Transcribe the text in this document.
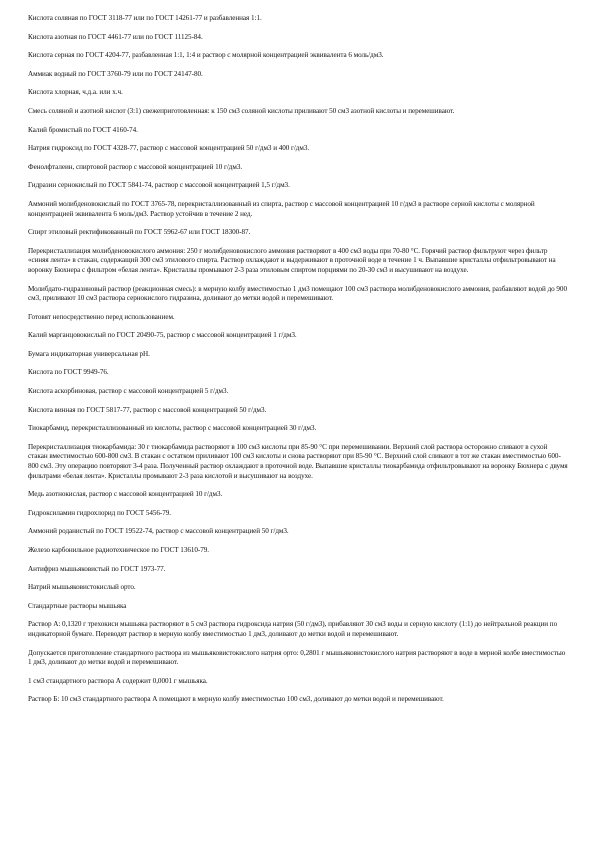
Кислота соляная по ГОСТ 3118-77 или по ГОСТ 14261-77 и разбавленная 1:1.

Кислота азотная по ГОСТ 4461-77 или по ГОСТ 11125-84.

Кислота серная по ГОСТ 4204-77, разбавленная 1:1, 1:4 и раствор с молярной концентрацией эквивалента 6 моль/дм3.

Аммиак водный по ГОСТ 3760-79 или по ГОСТ 24147-80.

Кислота хлорная, ч.д.а. или х.ч.

Смесь соляной и азотной кислот (3:1) свежеприготовленная: к 150 см3 соляной кислоты приливают 50 см3 азотной кислоты и перемешивают.

Калий бромистый по ГОСТ 4160-74.

Натрия гидроксид по ГОСТ 4328-77, раствор с массовой концентрацией 50 г/дм3 и 400 г/дм3.

Фенолфталеин, спиртовой раствор с массовой концентрацией 10 г/дм3.

Гидразин сернокислый по ГОСТ 5841-74, раствор с массовой концентрацией 1,5 г/дм3.

Аммоний молибденовокислый по ГОСТ 3765-78, перекристаллизованный из спирта, раствор с массовой концентрацией 10 г/дм3 в растворе серной кислоты с молярной концентрацией эквивалента 6 моль/дм3. Раствор устойчив в течение 2 нед.

Спирт этиловый ректификованный по ГОСТ 5962-67 или ГОСТ 18300-87.

Перекристаллизация молибденовокислого аммония: 250 г молибденовокислого аммония растворяют в 400 см3 воды при 70-80 °С. Горячий раствор фильтруют через фильтр «синяя лента» в стакан, содержащий 300 см3 этилового спирта. Раствор охлаждают и выдерживают в проточной воде в течение 1 ч. Выпавшие кристаллы отфильтровывают на воронку Бюхнера с фильтром «белая лента». Кристаллы промывают 2-3 раза этиловым спиртом порциями по 20-30 см3 и высушивают на воздухе.

Молибдато-гидразиновый раствор (реакционная смесь): в мерную колбу вместимостью 1 дм3 помещают 100 см3 раствора молибденовокислого аммония, разбавляют водой до 900 см3, приливают 10 см3 раствора сернокислого гидразина, доливают до метки водой и перемешивают.

Готовят непосредственно перед использованием.

Калий марганцовокислый по ГОСТ 20490-75, раствор с массовой концентрацией 1 г/дм3.

Бумага индикаторная универсальная рН.

Кислота по ГОСТ 9949-76.

Кислота аскорбиновая, раствор с массовой концентрацией 5 г/дм3.

Кислота винная по ГОСТ 5817-77, раствор с массовой концентрацией 50 г/дм3.

Тиокарбамид, перекристаллизованный из кислоты, раствор с массовой концентрацией 30 г/дм3.

Перекристаллизация тиокарбамида: 30 г тиокарбамида растворяют в 100 см3 кислоты при 85-90 °С при перемешивании. Верхний слой раствора осторожно сливают в сухой стакан вместимостью 600-800 см3. В стакан с остатком приливают 100 см3 кислоты и снова растворяют при 85-90 °С. Верхний слой сливают в тот же стакан вместимостью 600-800 см3. Эту операцию повторяют 3-4 раза. Полученный раствор охлаждают в проточной воде. Выпавшие кристаллы тиокарбамида отфильтровывают на воронку Бюхнера с двумя фильтрами «белая лента». Кристаллы промывают 2-3 раза кислотой и высушивают на воздухе.

Медь азотнокислая, раствор с массовой концентрацией 10 г/дм3.

Гидроксиламин гидрохлорид по ГОСТ 5456-79.

Аммоний роданистый по ГОСТ 19522-74, раствор с массовой концентрацией 50 г/дм3.

Железо карбонильное радиотехническое по ГОСТ 13610-79.

Антифриз мышьяковистый по ГОСТ 1973-77.

Натрий мышьяковистокислый орто.

Стандартные растворы мышьяка

Раствор А: 0,1320 г трехокиси мышьяка растворяют в 5 см3 раствора гидроксида натрия (50 г/дм3), прибавляют 30 см3 воды и серную кислоту (1:1) до нейтральной реакции по индикаторной бумаге. Переводят раствор в мерную колбу вместимостью 1 дм3, доливают до метки водой и перемешивают.

Допускается приготовление стандартного раствора из мышьяковистокислого натрия орто: 0,2801 г мышьяковистокислого натрия растворяют в воде в мерной колбе вместимостью 1 дм3, доливают до метки водой и перемешивают.

1 см3 стандартного раствора А содержит 0,0001 г мышьяка.

Раствор Б: 10 см3 стандартного раствора А помещают в мерную колбу вместимостью 100 см3, доливают до метки водой и перемешивают.
